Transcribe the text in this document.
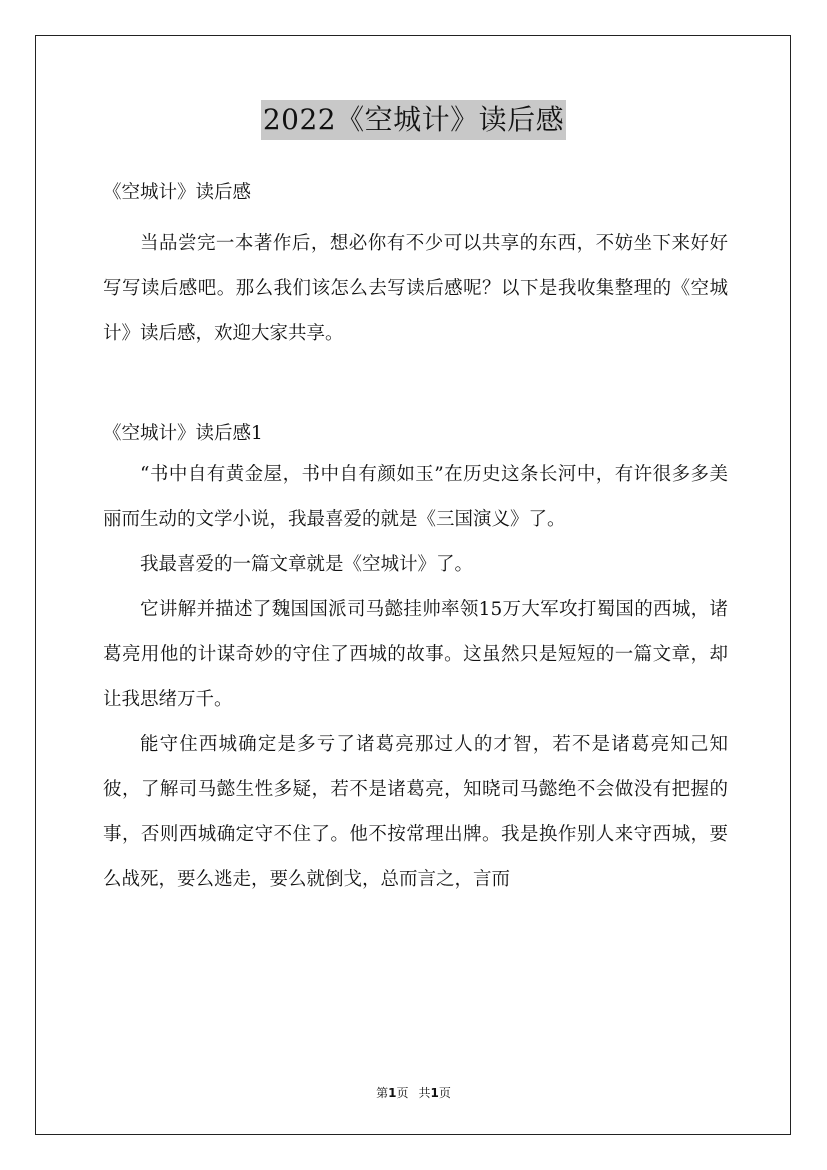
2022《空城计》读后感

《空城计》读后感

当品尝完一本著作后，想必你有不少可以共享的东西，不妨坐下来好好写写读后感吧。那么我们该怎么去写读后感呢？以下是我收集整理的《空城计》读后感，欢迎大家共享。

《空城计》读后感1

“书中自有黄金屋，书中自有颜如玉”在历史这条长河中，有许很多多美丽而生动的文学小说，我最喜爱的就是《三国演义》了。

我最喜爱的一篇文章就是《空城计》了。

它讲解并描述了魏国国派司马懿挂帅率领15万大军攻打蜀国的西城，诸葛亮用他的计谋奇妙的守住了西城的故事。这虽然只是短短的一篇文章，却让我思绪万千。

能守住西城确定是多亏了诸葛亮那过人的才智，若不是诸葛亮知己知彼，了解司马懿生性多疑，若不是诸葛亮，知晓司马懿绝不会做没有把握的事，否则西城确定守不住了。他不按常理出牌。我是换作别人来守西城，要么战死，要么逃走，要么就倒戈，总而言之，言而

第1页 共1页
